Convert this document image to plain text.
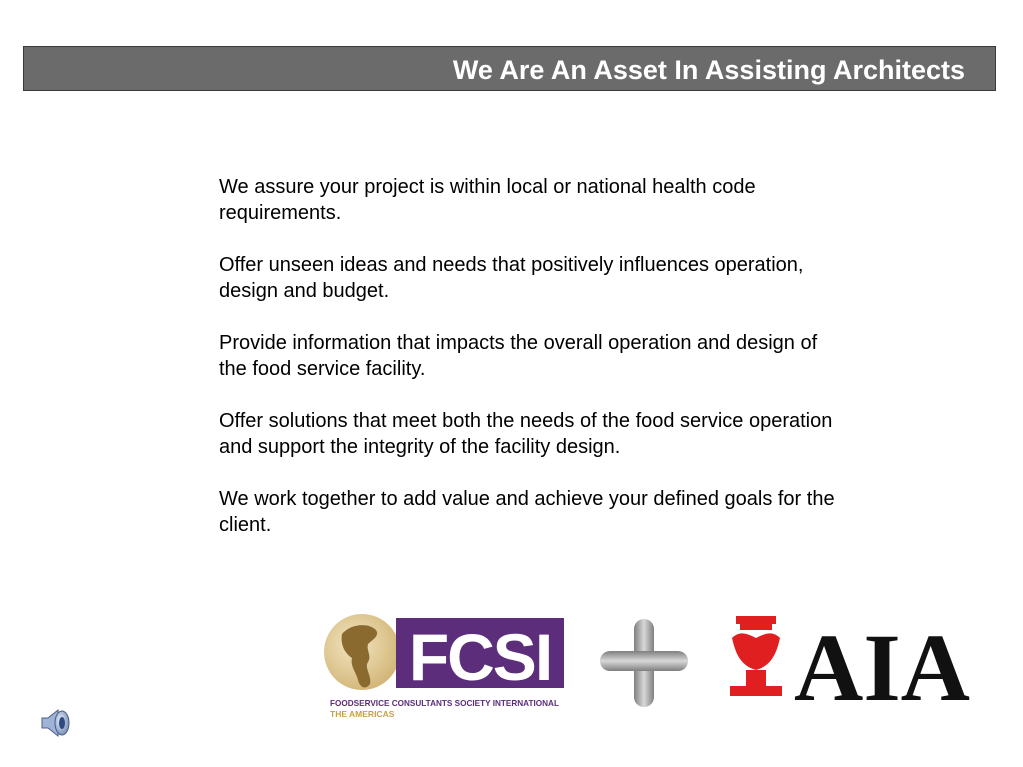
We Are An Asset In Assisting Architects

We assure your project is within local or national health code requirements.

Offer unseen ideas and needs that positively influences operation, design and budget.

Provide information that impacts the overall operation and design of the food service facility.

Offer solutions that meet both the needs of the food service operation and support the integrity of the facility design.

We work together to add value and achieve your defined goals for the client.

FCSI
FOODSERVICE CONSULTANTS SOCIETY INTERNATIONAL
THE AMERICAS	AIA
